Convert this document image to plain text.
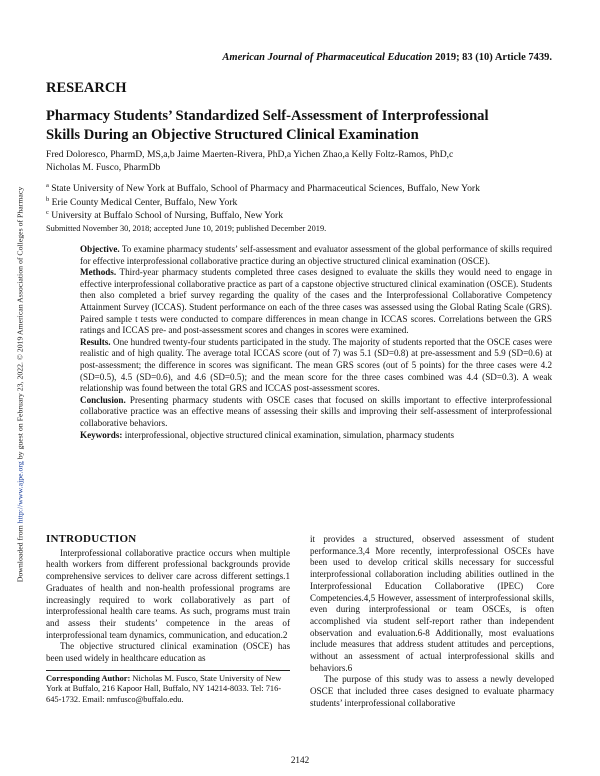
Downloaded from http://www.ajpe.org by guest on February 23, 2022. © 2019 American Association of Colleges of Pharmacy
American Journal of Pharmaceutical Education 2019; 83 (10) Article 7439.
RESEARCH
Pharmacy Students’ Standardized Self-Assessment of Interprofessional
Skills During an Objective Structured Clinical Examination
Fred Doloresco, PharmD, MS,a,b Jaime Maerten-Rivera, PhD,a Yichen Zhao,a Kelly Foltz-Ramos, PhD,c
Nicholas M. Fusco, PharmDb
$^a$ State University of New York at Buffalo, School of Pharmacy and Pharmaceutical Sciences, Buffalo, New York
$^b$ Erie County Medical Center, Buffalo, New York
$^c$ University at Buffalo School of Nursing, Buffalo, New York
Submitted November 30, 2018; accepted June 10, 2019; published December 2019.

Objective. To examine pharmacy students’ self-assessment and evaluator assessment of the global performance of skills required for effective interprofessional collaborative practice during an objective structured clinical examination (OSCE).

Methods. Third-year pharmacy students completed three cases designed to evaluate the skills they would need to engage in effective interprofessional collaborative practice as part of a capstone objective structured clinical examination (OSCE). Students then also completed a brief survey regarding the quality of the cases and the Interprofessional Collaborative Competency Attainment Survey (ICCAS). Student performance on each of the three cases was assessed using the Global Rating Scale (GRS). Paired sample t tests were conducted to compare differences in mean change in ICCAS scores. Correlations between the GRS ratings and ICCAS pre- and post-assessment scores and changes in scores were examined.

Results. One hundred twenty-four students participated in the study. The majority of students reported that the OSCE cases were realistic and of high quality. The average total ICCAS score (out of 7) was 5.1 (SD=0.8) at pre-assessment and 5.9 (SD=0.6) at post-assessment; the difference in scores was significant. The mean GRS scores (out of 5 points) for the three cases were 4.2 (SD=0.5), 4.5 (SD=0.6), and 4.6 (SD=0.5); and the mean score for the three cases combined was 4.4 (SD=0.3). A weak relationship was found between the total GRS and ICCAS post-assessment scores.

Conclusion. Presenting pharmacy students with OSCE cases that focused on skills important to effective interprofessional collaborative practice was an effective means of assessing their skills and improving their self-assessment of interprofessional collaborative behaviors.

Keywords: interprofessional, objective structured clinical examination, simulation, pharmacy students

INTRODUCTION

Interprofessional collaborative practice occurs when multiple health workers from different professional backgrounds provide comprehensive services to deliver care across different settings.1 Graduates of health and non-health professional programs are increasingly required to work collaboratively as part of interprofessional health care teams. As such, programs must train and assess their students’ competence in the areas of interprofessional team dynamics, communication, and education.2

The objective structured clinical examination (OSCE) has been used widely in healthcare education as

Corresponding Author: Nicholas M. Fusco, State University of New York at Buffalo, 216 Kapoor Hall, Buffalo, NY 14214-8033. Tel: 716-645-1732. Email: nmfusco@buffalo.edu.

it provides a structured, observed assessment of student performance.3,4 More recently, interprofessional OSCEs have been used to develop critical skills necessary for successful interprofessional collaboration including abilities outlined in the Interprofessional Education Collaborative (IPEC) Core Competencies.4,5 However, assessment of interprofessional skills, even during interprofessional or team OSCEs, is often accomplished via student self-report rather than independent observation and evaluation.6-8 Additionally, most evaluations include measures that address student attitudes and perceptions, without an assessment of actual interprofessional skills and behaviors.6

The purpose of this study was to assess a newly developed OSCE that included three cases designed to evaluate pharmacy students’ interprofessional collaborative

2142
